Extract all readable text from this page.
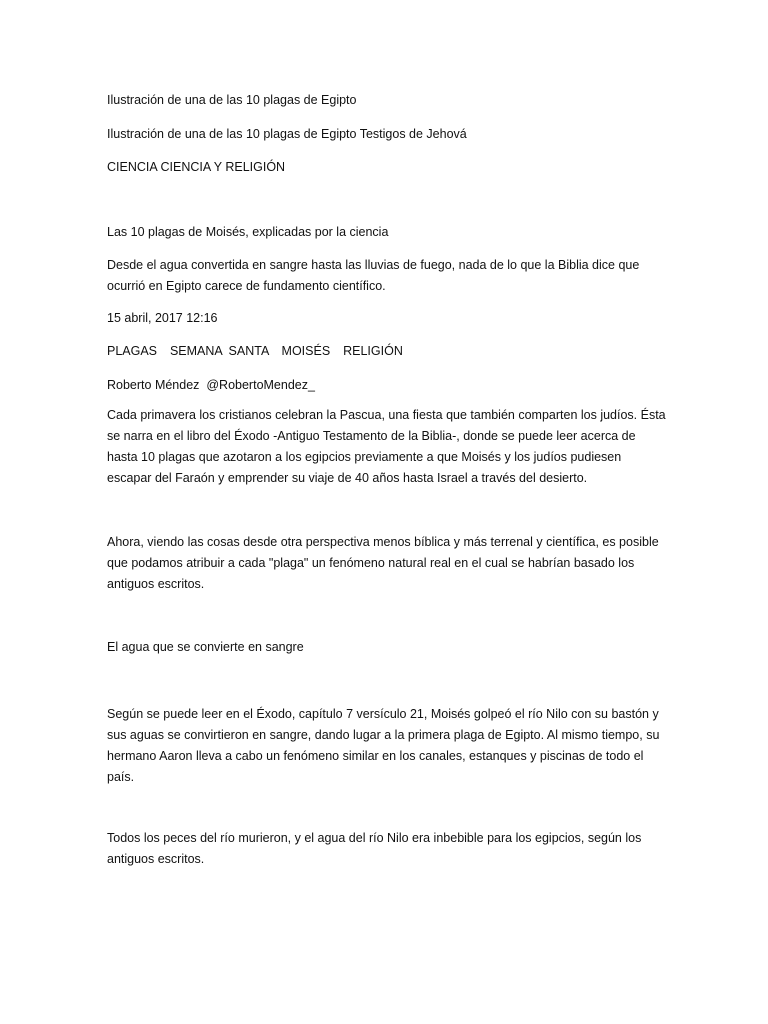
Ilustración de una de las 10 plagas de Egipto

Ilustración de una de las 10 plagas de Egipto Testigos de Jehová

CIENCIA CIENCIA Y RELIGIÓN

Las 10 plagas de Moisés, explicadas por la ciencia

Desde el agua convertida en sangre hasta las lluvias de fuego, nada de lo que la Biblia dice que ocurrió en Egipto carece de fundamento científico.

15 abril, 2017 12:16

PLAGAS  SEMANA SANTA  MOISÉS  RELIGIÓN

Roberto Méndez  @RobertoMendez_

Cada primavera los cristianos celebran la Pascua, una fiesta que también comparten los judíos. Ésta se narra en el libro del Éxodo -Antiguo Testamento de la Biblia-, donde se puede leer acerca de hasta 10 plagas que azotaron a los egipcios previamente a que Moisés y los judíos pudiesen escapar del Faraón y emprender su viaje de 40 años hasta Israel a través del desierto.

Ahora, viendo las cosas desde otra perspectiva menos bíblica y más terrenal y científica, es posible que podamos atribuir a cada "plaga" un fenómeno natural real en el cual se habrían basado los antiguos escritos.

El agua que se convierte en sangre

Según se puede leer en el Éxodo, capítulo 7 versículo 21, Moisés golpeó el río Nilo con su bastón y sus aguas se convirtieron en sangre, dando lugar a la primera plaga de Egipto. Al mismo tiempo, su hermano Aaron lleva a cabo un fenómeno similar en los canales, estanques y piscinas de todo el país.

Todos los peces del río murieron, y el agua del río Nilo era inbebible para los egipcios, según los antiguos escritos.
